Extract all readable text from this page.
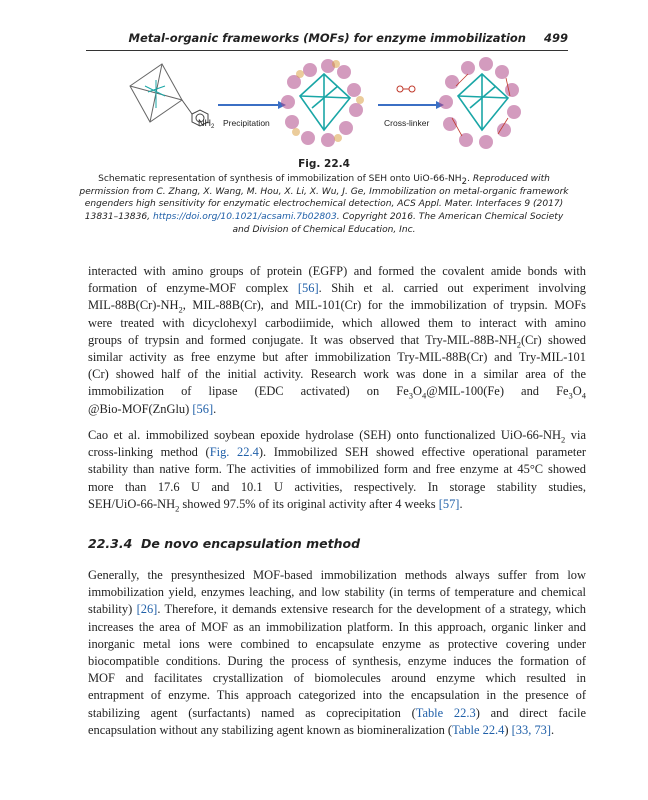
Metal-organic frameworks (MOFs) for enzyme immobilization 499
$NH_2$ Precipitation	Cross-linker
Fig. 22.4
Schematic representation of synthesis of immobilization of SEH onto UiO-$66-NH_2$. Reproduced with
permission from C. Zhang, X. Wang, M. Hou, X. Li, X. Wu, J. Ge, Immobilization on metal-organic framework
engenders high sensitivity for enzymatic electrochemical detection, ACS Appl. Mater. Interfaces 9 (2017)
13831–13836, https://doi.org/10.1021/acsami.7b02803. Copyright 2016. The American Chemical Society
and Division of Chemical Education, Inc.
interacted with amino groups of protein (EGFP) and formed the covalent amide bonds with
formation of enzyme-MOF complex [56]. Shih et al. carried out experiment involving
MIL-$88B(Cr)-NH_2$, MIL-88B(Cr), and MIL-101(Cr) for the immobilization of trypsin. MOFs
were treated with dicyclohexyl carbodiimide, which allowed them to interact with amino
groups of trypsin and formed conjugate. It was observed that Try-$MIL-88B-NH_2(Cr)$ showed
similar activity as free enzyme but after immobilization Try-MIL-88B(Cr) and Try-MIL-101
(Cr) showed half of the initial activity. Research work was done in a similar area of the
immobilization of lipase (EDC activated) on $Fe_3O_4@MIL-100(Fe)$ and $Fe_3O_4$
@Bio-MOF(ZnGlu) [56].
Cao et al. immobilized soybean epoxide hydrolase (SEH) onto functionalized UiO-$66-NH_2$ via
cross-linking method (Fig. 22.4). Immobilized SEH showed effective operational parameter
stability than native form. The activities of immobilized form and free enzyme at 45°C showed
more than 17.6 U and 10.1 U activities, respectively. In storage stability studies,
SEH/$UiO-66-NH_2$ showed 97.5% of its original activity after 4 weeks [57].
22.3.4 De novo encapsulation method
Generally, the presynthesized MOF-based immobilization methods always suffer from low
immobilization yield, enzymes leaching, and low stability (in terms of temperature and chemical
stability) [26]. Therefore, it demands extensive research for the development of a strategy, which
increases the area of MOF as an immobilization platform. In this approach, organic linker and
inorganic metal ions were combined to encapsulate enzyme as protective covering under
biocompatible conditions. During the process of synthesis, enzyme induces the formation of
MOF and facilitates crystallization of biomolecules around enzyme which resulted in
entrapment of enzyme. This approach categorized into the encapsulation in the presence of
stabilizing agent (surfactants) named as coprecipitation (Table 22.3) and direct facile
encapsulation without any stabilizing agent known as biomineralization (Table 22.4) [33, 73].
